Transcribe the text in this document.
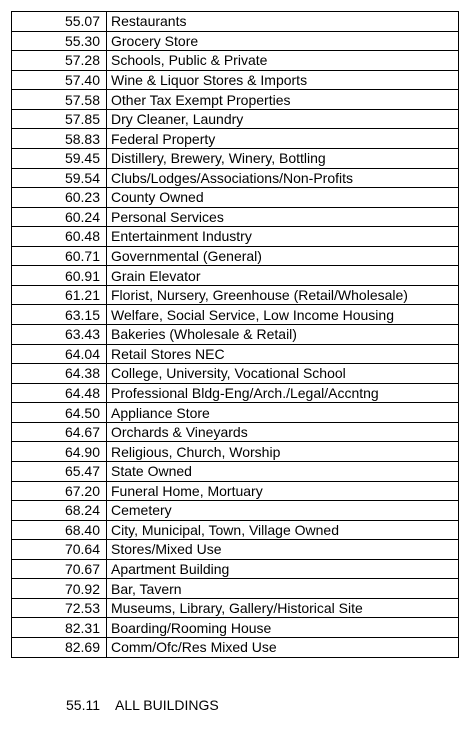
55.07	Restaurants
55.30	Grocery Store
57.28	Schools, Public & Private
57.40	Wine & Liquor Stores & Imports
57.58	Other Tax Exempt Properties
57.85	Dry Cleaner, Laundry
58.83	Federal Property
59.45	Distillery, Brewery, Winery, Bottling
59.54	Clubs/Lodges/Associations/Non-Profits
60.23	County Owned
60.24	Personal Services
60.48	Entertainment Industry
60.71	Governmental (General)
60.91	Grain Elevator
61.21	Florist, Nursery, Greenhouse (Retail/Wholesale)
63.15	Welfare, Social Service, Low Income Housing
63.43	Bakeries (Wholesale & Retail)
64.04	Retail Stores NEC
64.38	College, University, Vocational School
64.48	Professional Bldg-Eng/Arch./Legal/Accntng
64.50	Appliance Store
64.67	Orchards & Vineyards
64.90	Religious, Church, Worship
65.47	State Owned
67.20	Funeral Home, Mortuary
68.24	Cemetery
68.40	City, Municipal, Town, Village Owned
70.64	Stores/Mixed Use
70.67	Apartment Building
70.92	Bar, Tavern
72.53	Museums, Library, Gallery/Historical Site
82.31	Boarding/Rooming House
82.69	Comm/Ofc/Res Mixed Use
55.11	ALL BUILDINGS
